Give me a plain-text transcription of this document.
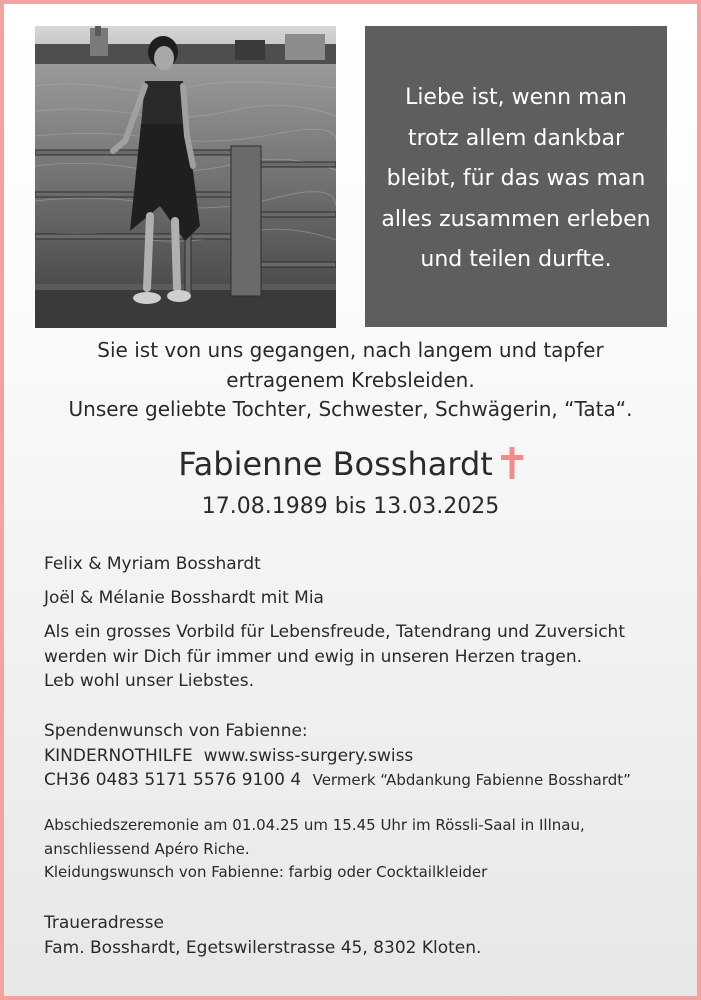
Liebe ist, wenn man
trotz allem dankbar
bleibt, für das was man
alles zusammen erleben
und teilen durfte.
Sie ist von uns gegangen, nach langem und tapfer
ertragenem Krebsleiden.
Unsere geliebte Tochter, Schwester, Schwägerin, “Tata“.
Fabienne Bosshardt
17.08.1989 bis 13.03.2025
Felix & Myriam Bosshardt
Joël & Mélanie Bosshardt mit Mia
Als ein grosses Vorbild für Lebensfreude, Tatendrang und Zuversicht
werden wir Dich für immer und ewig in unseren Herzen tragen.
Leb wohl unser Liebstes.
Spendenwunsch von Fabienne:
KINDERNOTHILFE  www.swiss-surgery.swiss
CH36 0483 5171 5576 9100 4 Vermerk “Abdankung Fabienne Bosshardt”
Abschiedszeremonie am 01.04.25 um 15.45 Uhr im Rössli-Saal in Illnau,
anschliessend Apéro Riche.
Kleidungswunsch von Fabienne: farbig oder Cocktailkleider
Traueradresse
Fam. Bosshardt, Egetswilerstrasse 45, 8302 Kloten.
